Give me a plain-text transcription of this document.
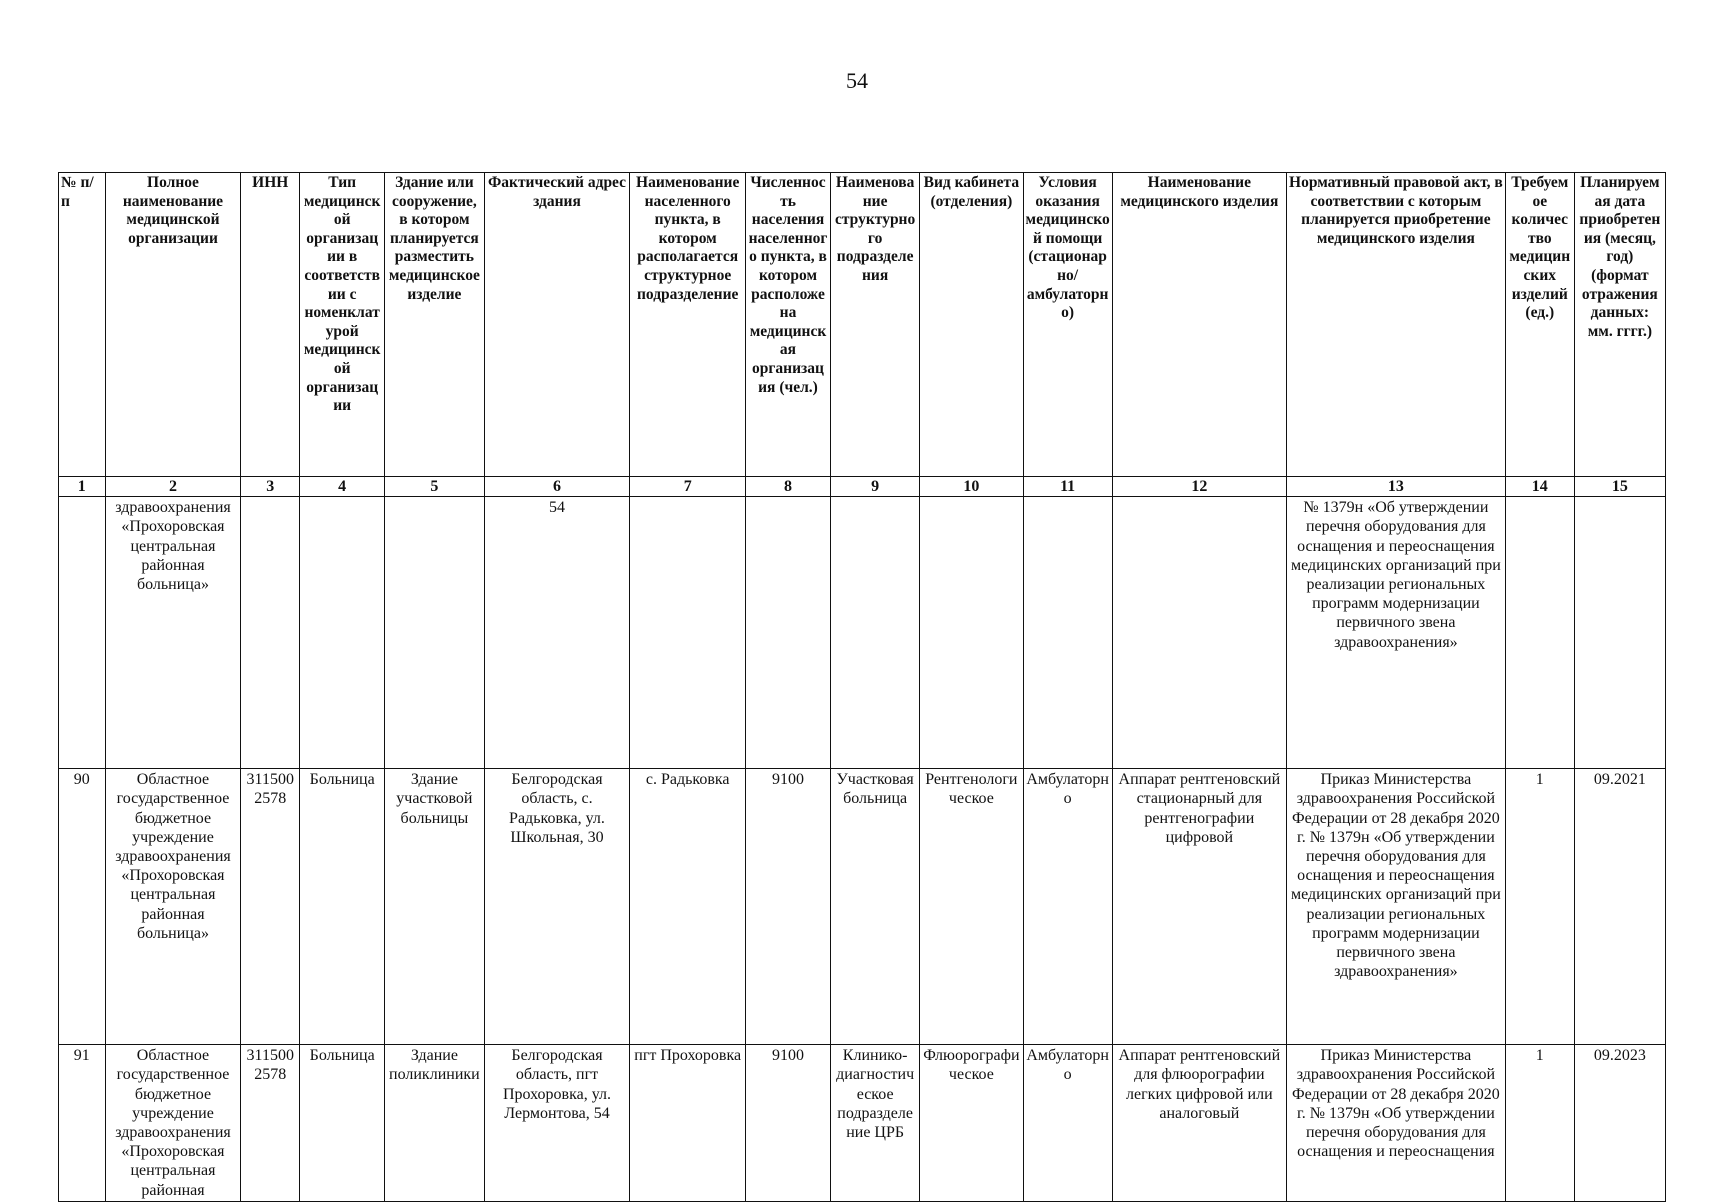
54
№ п/п	Полное наименование медицинской организации	ИНН	Тип медицинской организации в соответствии с номенклатурой медицинской организации	Здание или сооружение, в котором планируется разместить медицинское изделие	Фактический адрес здания	Наименование населенного пункта, в котором располагается структурное подразделение	Численность населения населенного пункта, в котором расположена медицинская организация (чел.)	Наименование структурного подразделения	Вид кабинета (отделения)	Условия оказания медицинской помощи (стационарно/амбулаторно)	Наименование медицинского изделия	Нормативный правовой акт, в соответствии с которым планируется приобретение медицинского изделия	Требуемое количество медицинских изделий (ед.)	Планируемая дата приобретения (месяц, год) (формат отражения данных: мм. гггг.)
1	2	3	4	5	6	7	8	9	10	11	12	13	14	15
	здравоохранения «Прохоровская центральная районная больница»				54							№ 1379н «Об утверждении перечня оборудования для оснащения и переоснащения медицинских организаций при реализации региональных программ модернизации первичного звена здравоохранения»		
90	Областное государственное бюджетное учреждение здравоохранения «Прохоровская центральная районная больница»	3115002578	Больница	Здание участковой больницы	Белгородская область, с. Радьковка, ул. Школьная, 30	с. Радьковка	9100	Участковая больница	Рентгенологическое	Амбулаторно	Аппарат рентгеновский стационарный для рентгенографии цифровой	Приказ Министерства здравоохранения Российской Федерации от 28 декабря 2020 г. № 1379н «Об утверждении перечня оборудования для оснащения и переоснащения медицинских организаций при реализации региональных программ модернизации первичного звена здравоохранения»	1	09.2021
91	Областное государственное бюджетное учреждение здравоохранения «Прохоровская центральная районная	3115002578	Больница	Здание поликлиники	Белгородская область, пгт Прохоровка, ул. Лермонтова, 54	пгт Прохоровка	9100	Клинико-диагностическое подразделение ЦРБ	Флюорографическое	Амбулаторно	Аппарат рентгеновский для флюорографии легких цифровой или аналоговый	Приказ Министерства здравоохранения Российской Федерации от 28 декабря 2020 г. № 1379н «Об утверждении перечня оборудования для оснащения и переоснащения	1	09.2023
